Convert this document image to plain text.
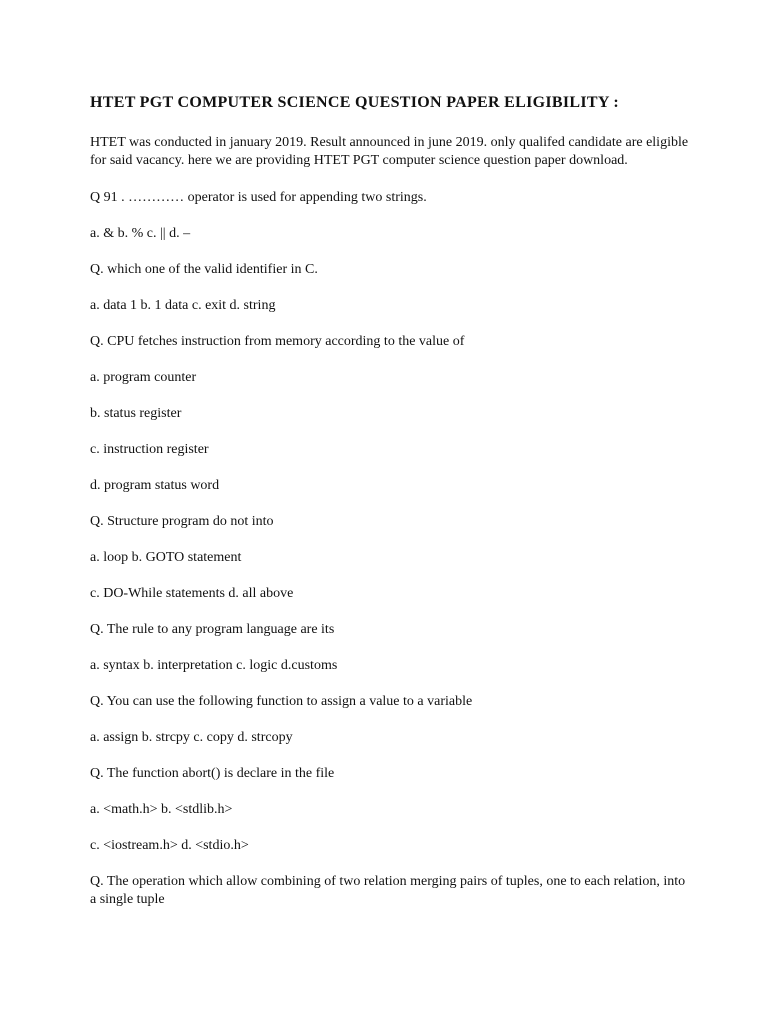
HTET PGT COMPUTER SCIENCE QUESTION PAPER ELIGIBILITY :
HTET was conducted in january 2019. Result announced in june 2019. only qualifed candidate are eligible for said vacancy. here we are providing HTET PGT computer science question paper download.
Q 91 . ………… operator is used for appending two strings.
a. & b. % c. || d. –
Q. which one of the valid identifier in C.
a. data 1 b. 1 data c. exit d. string
Q. CPU fetches instruction from memory according to the value of
a. program counter
b. status register
c. instruction register
d. program status word
Q. Structure program do not into
a. loop b. GOTO statement
c. DO-While statements d. all above
Q. The rule to any program language are its
a. syntax b. interpretation c. logic d.customs
Q. You can use the following function to assign a value to a variable
a. assign b. strcpy c. copy d. strcopy
Q. The function abort() is declare in the file
a. <math.h> b. <stdlib.h>
c. <iostream.h> d. <stdio.h>
Q. The operation which allow combining of two relation merging pairs of tuples, one to each relation, into a single tuple
